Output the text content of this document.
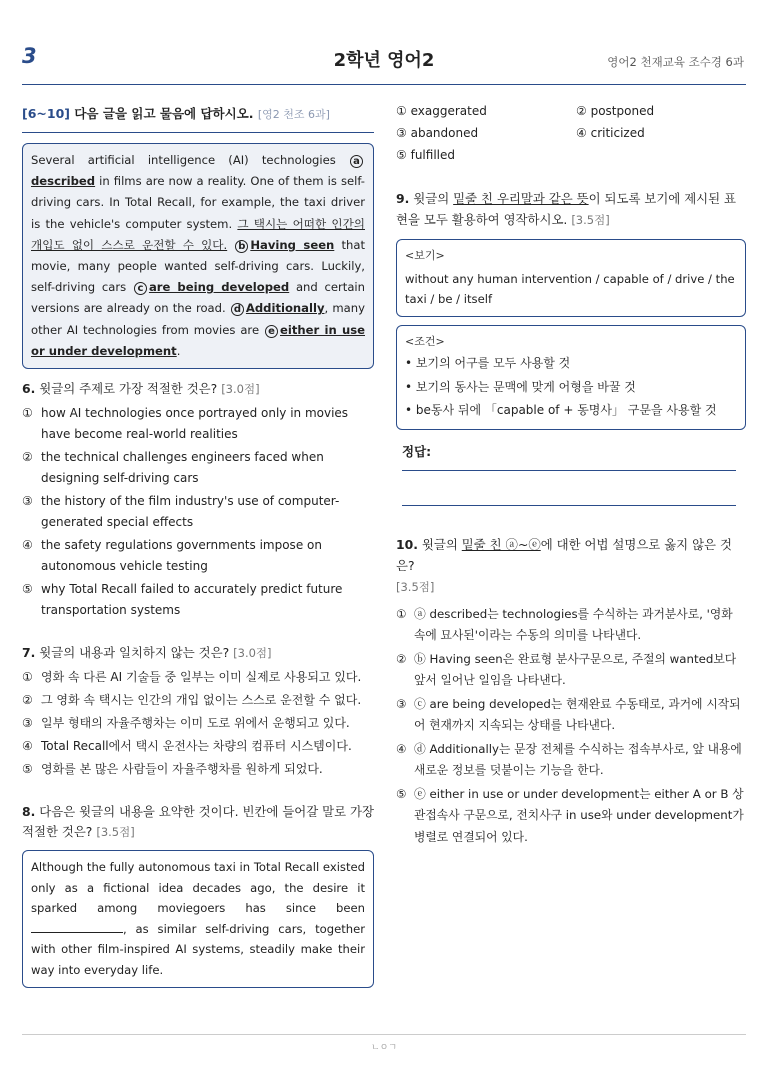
3	2학년 영어2	영어2 천재교육 조수경 6과
[6~10] 다음 글을 읽고 물음에 답하시오. [영2 천조 6과]
Several artificial intelligence (AI) technologies adescribed in films are now a reality. One of them is self-driving cars. In Total Recall, for example, the taxi driver is the vehicle's computer system. 그 택시는 어떠한 인간의 개입도 없이 스스로 운전할 수 있다. b Having seen that movie, many people wanted self-driving cars. Luckily, self-driving cars c are being developed and certain versions are already on the road. d Additionally, many other AI technologies from movies are e either in use or under development.
6. 윗글의 주제로 가장 적절한 것은? [3.0점]
① how AI technologies once portrayed only in movies have become real-world realities
② the technical challenges engineers faced when designing self-driving cars
③ the history of the film industry's use of computer-generated special effects
④ the safety regulations governments impose on autonomous vehicle testing
⑤ why Total Recall failed to accurately predict future transportation systems
7. 윗글의 내용과 일치하지 않는 것은? [3.0점]
① 영화 속 다른 AI 기술들 중 일부는 이미 실제로 사용되고 있다.
② 그 영화 속 택시는 인간의 개입 없이는 스스로 운전할 수 없다.
③ 일부 형태의 자율주행차는 이미 도로 위에서 운행되고 있다.
④ Total Recall에서 택시 운전사는 차량의 컴퓨터 시스템이다.
⑤ 영화를 본 많은 사람들이 자율주행차를 원하게 되었다.
8. 다음은 윗글의 내용을 요약한 것이다. 빈칸에 들어갈 말로 가장 적절한 것은? [3.5점]
Although the fully autonomous taxi in Total Recall existed only as a fictional idea decades ago, the desire it sparked among moviegoers has since been , as similar self-driving cars, together with other film-inspired AI systems, steadily make their way into everyday life.
① exaggerated	② postponed
③ abandoned	④ criticized
⑤ fulfilled
9. 윗글의 밑줄 친 우리말과 같은 뜻이 되도록 보기에 제시된 표현을 모두 활용하여 영작하시오. [3.5점]
<보기>
without any human intervention / capable of / drive / the taxi / be / itself
<조건>
• 보기의 어구를 모두 사용할 것
• 보기의 동사는 문맥에 맞게 어형을 바꿀 것
• be동사 뒤에 「capable of + 동명사」 구문을 사용할 것
정답:
10. 윗글의 밑줄 친 ⓐ~ⓔ에 대한 어법 설명으로 옳지 않은 것은?
[3.5점]
① ⓐ described는 technologies를 수식하는 과거분사로, '영화 속에 묘사된'이라는 수동의 의미를 나타낸다.
② ⓑ Having seen은 완료형 분사구문으로, 주절의 wanted보다 앞서 일어난 일임을 나타낸다.
③ ⓒ are being developed는 현재완료 수동태로, 과거에 시작되어 현재까지 지속되는 상태를 나타낸다.
④ ⓓ Additionally는 문장 전체를 수식하는 접속부사로, 앞 내용에 새로운 정보를 덧붙이는 기능을 한다.
⑤ ⓔ either in use or under development는 either A or B 상관접속사 구문으로, 전치사구 in use와 under development가 병렬로 연결되어 있다.
ㄴㅇㄱ
